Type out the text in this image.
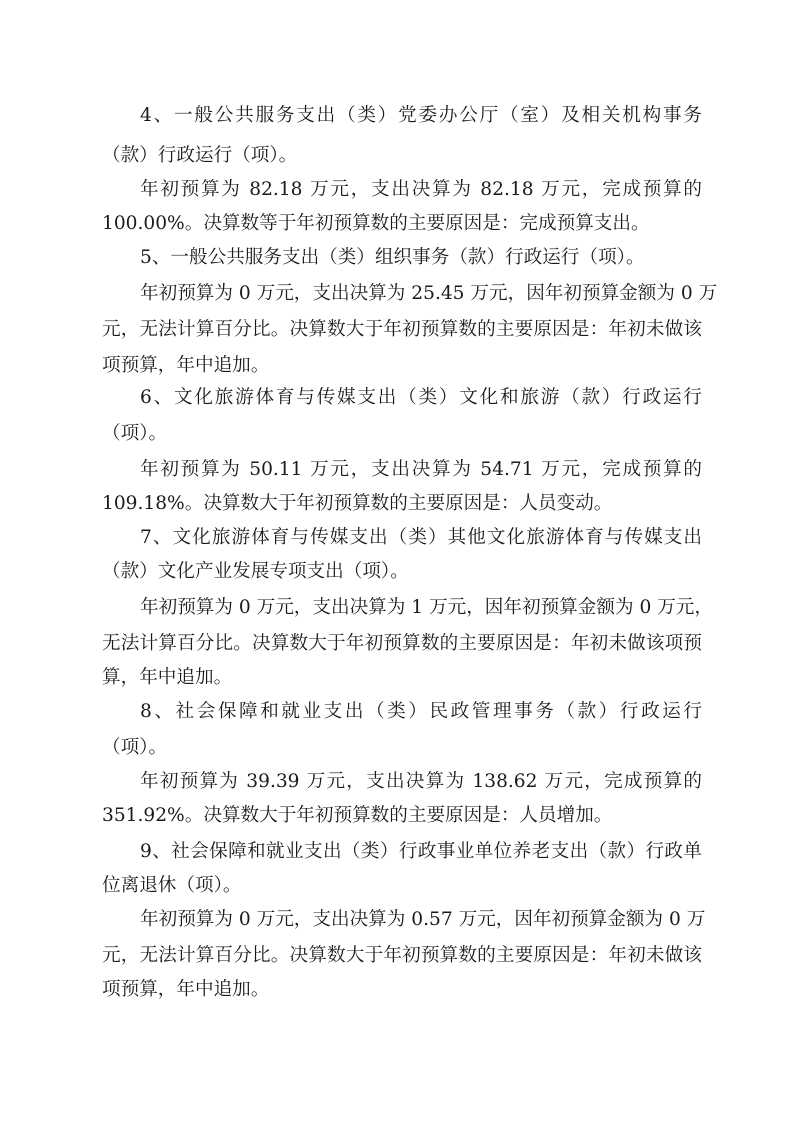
4、一般公共服务支出（类）党委办公厅（室）及相关机构事务
（款）行政运行（项）。
年初预算为 82.18 万元，支出决算为 82.18 万元，完成预算的
100.00%。决算数等于年初预算数的主要原因是：完成预算支出。
5、一般公共服务支出（类）组织事务（款）行政运行（项）。
年初预算为 0 万元，支出决算为 25.45 万元，因年初预算金额为 0 万
元，无法计算百分比。决算数大于年初预算数的主要原因是：年初未做该
项预算，年中追加。
6、文化旅游体育与传媒支出（类）文化和旅游（款）行政运行
（项）。
年初预算为 50.11 万元，支出决算为 54.71 万元，完成预算的
109.18%。决算数大于年初预算数的主要原因是：人员变动。
7、文化旅游体育与传媒支出（类）其他文化旅游体育与传媒支出
（款）文化产业发展专项支出（项）。
年初预算为 0 万元，支出决算为 1 万元，因年初预算金额为 0 万元，
无法计算百分比。决算数大于年初预算数的主要原因是：年初未做该项预
算，年中追加。
8、社会保障和就业支出（类）民政管理事务（款）行政运行
（项）。
年初预算为 39.39 万元，支出决算为 138.62 万元，完成预算的
351.92%。决算数大于年初预算数的主要原因是：人员增加。
9、社会保障和就业支出（类）行政事业单位养老支出（款）行政单
位离退休（项）。
年初预算为 0 万元，支出决算为 0.57 万元，因年初预算金额为 0 万
元，无法计算百分比。决算数大于年初预算数的主要原因是：年初未做该
项预算，年中追加。
